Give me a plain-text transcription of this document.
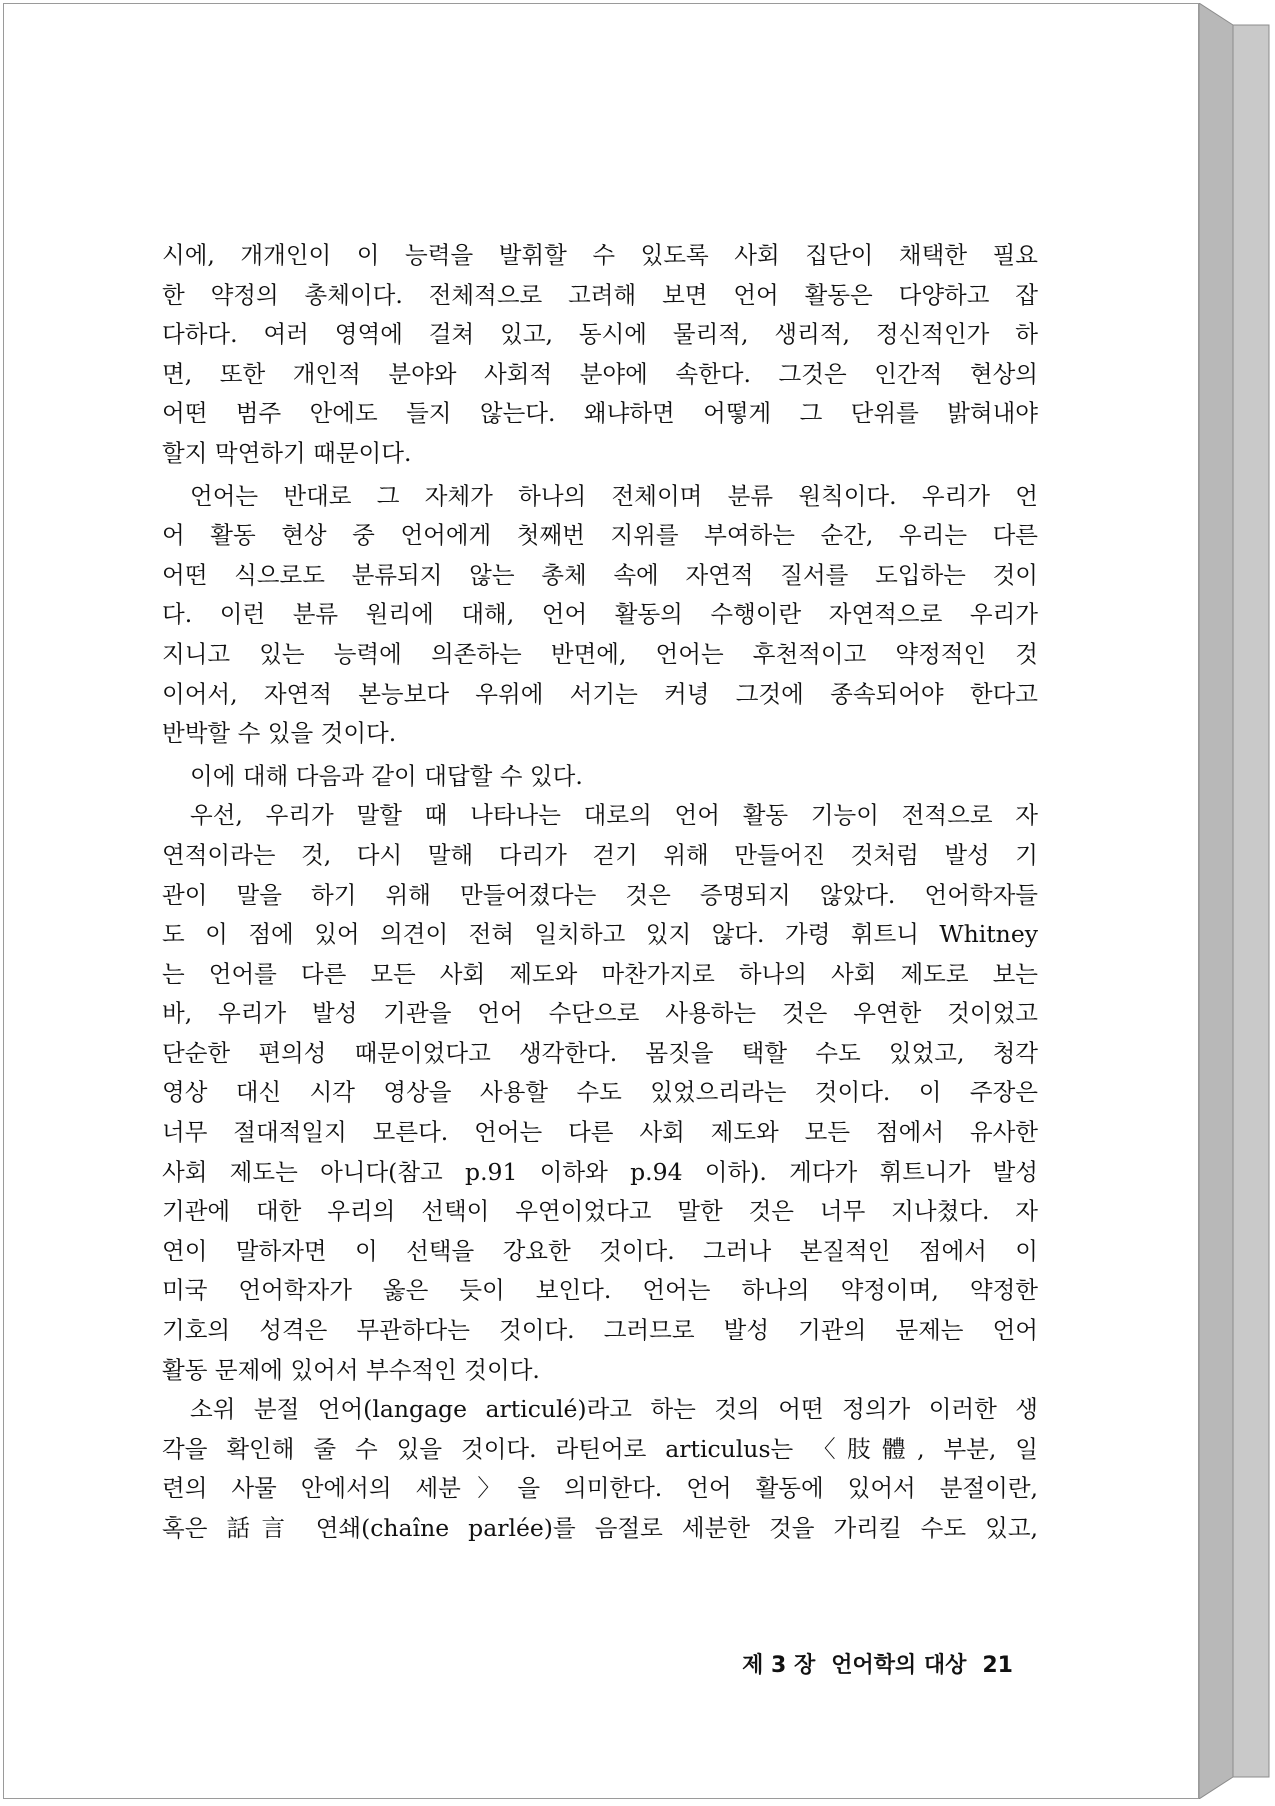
시에, 개개인이 이 능력을 발휘할 수 있도록 사회 집단이 채택한 필요
한 약정의 총체이다. 전체적으로 고려해 보면 언어 활동은 다양하고 잡
다하다. 여러 영역에 걸쳐 있고, 동시에 물리적, 생리적, 정신적인가 하
면, 또한 개인적 분야와 사회적 분야에 속한다. 그것은 인간적 현상의
어떤 범주 안에도 들지 않는다. 왜냐하면 어떻게 그 단위를 밝혀내야
할지 막연하기 때문이다.
언어는 반대로 그 자체가 하나의 전체이며 분류 원칙이다. 우리가 언
어 활동 현상 중 언어에게 첫째번 지위를 부여하는 순간, 우리는 다른
어떤 식으로도 분류되지 않는 총체 속에 자연적 질서를 도입하는 것이
다. 이런 분류 원리에 대해, 언어 활동의 수행이란 자연적으로 우리가
지니고 있는 능력에 의존하는 반면에, 언어는 후천적이고 약정적인 것
이어서, 자연적 본능보다 우위에 서기는 커녕 그것에 종속되어야 한다고
반박할 수 있을 것이다.
이에 대해 다음과 같이 대답할 수 있다.
우선, 우리가 말할 때 나타나는 대로의 언어 활동 기능이 전적으로 자
연적이라는 것, 다시 말해 다리가 걷기 위해 만들어진 것처럼 발성 기
관이 말을 하기 위해 만들어졌다는 것은 증명되지 않았다. 언어학자들
도 이 점에 있어 의견이 전혀 일치하고 있지 않다. 가령 휘트니 Whitney
는 언어를 다른 모든 사회 제도와 마찬가지로 하나의 사회 제도로 보는
바, 우리가 발성 기관을 언어 수단으로 사용하는 것은 우연한 것이었고
단순한 편의성 때문이었다고 생각한다. 몸짓을 택할 수도 있었고, 청각
영상 대신 시각 영상을 사용할 수도 있었으리라는 것이다. 이 주장은
너무 절대적일지 모른다. 언어는 다른 사회 제도와 모든 점에서 유사한
사회 제도는 아니다(참고 p.91 이하와 p.94 이하). 게다가 휘트니가 발성
기관에 대한 우리의 선택이 우연이었다고 말한 것은 너무 지나쳤다. 자
연이 말하자면 이 선택을 강요한 것이다. 그러나 본질적인 점에서 이
미국 언어학자가 옳은 듯이 보인다. 언어는 하나의 약정이며, 약정한
기호의 성격은 무관하다는 것이다. 그러므로 발성 기관의 문제는 언어
활동 문제에 있어서 부수적인 것이다.
소위 분절 언어(langage articulé)라고 하는 것의 어떤 정의가 이러한 생
각을 확인해 줄 수 있을 것이다. 라틴어로 articulus는 〈肢體, 부분, 일
련의 사물 안에서의 세분〉을 의미한다. 언어 활동에 있어서 분절이란,
혹은 話言 연쇄(chaîne parlée)를 음절로 세분한 것을 가리킬 수도 있고,
제 3 장 언어학의 대상 21
